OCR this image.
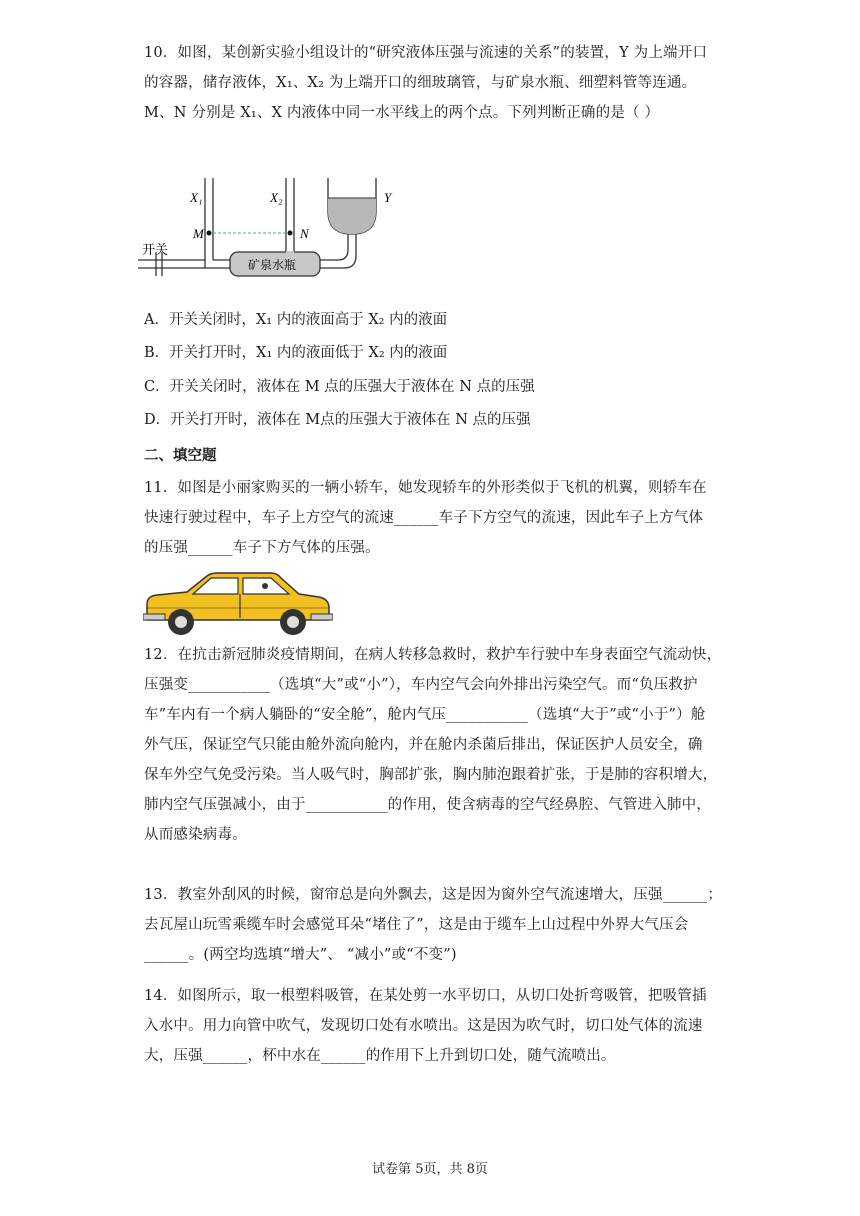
10．如图，某创新实验小组设计的“研究液体压强与流速的关系”的装置，Y 为上端开口
的容器，储存液体，X₁、X₂ 为上端开口的细玻璃管，与矿泉水瓶、细塑料管等连通。
M、N 分别是 X₁、X 内液体中同一水平线上的两个点。下列判断正确的是（ ）
X₁	X₂	Y
M	N
开关
矿泉水瓶
A．开关关闭时，X₁ 内的液面高于 X₂ 内的液面
B．开关打开时，X₁ 内的液面低于 X₂ 内的液面
C．开关关闭时，液体在 M 点的压强大于液体在 N 点的压强
D．开关打开时，液体在 M点的压强大于液体在 N 点的压强
二、填空题
11．如图是小丽家购买的一辆小轿车，她发现轿车的外形类似于飞机的机翼，则轿车在
快速行驶过程中，车子上方空气的流速______车子下方空气的流速，因此车子上方气体
的压强______车子下方气体的压强。
12．在抗击新冠肺炎疫情期间，在病人转移急救时，救护车行驶中车身表面空气流动快，
压强变___________（选填“大”或“小”），车内空气会向外排出污染空气。而“负压救护
车”车内有一个病人躺卧的“安全舱”，舱内气压___________（选填“大于”或“小于”）舱
外气压，保证空气只能由舱外流向舱内，并在舱内杀菌后排出，保证医护人员安全，确
保车外空气免受污染。当人吸气时，胸部扩张，胸内肺泡跟着扩张，于是肺的容积增大，
肺内空气压强减小，由于___________的作用，使含病毒的空气经鼻腔、气管进入肺中，
从而感染病毒。
13．教室外刮风的时候，窗帘总是向外飘去，这是因为窗外空气流速增大，压强______；
去瓦屋山玩雪乘缆车时会感觉耳朵“堵住了”，这是由于缆车上山过程中外界大气压会
______。(两空均选填“增大”、 “减小”或“不变”)
14．如图所示，取一根塑料吸管，在某处剪一水平切口，从切口处折弯吸管，把吸管插
入水中。用力向管中吹气，发现切口处有水喷出。这是因为吹气时，切口处气体的流速
大，压强______，杯中水在______的作用下上升到切口处，随气流喷出。
试卷第 5页，共 8页
